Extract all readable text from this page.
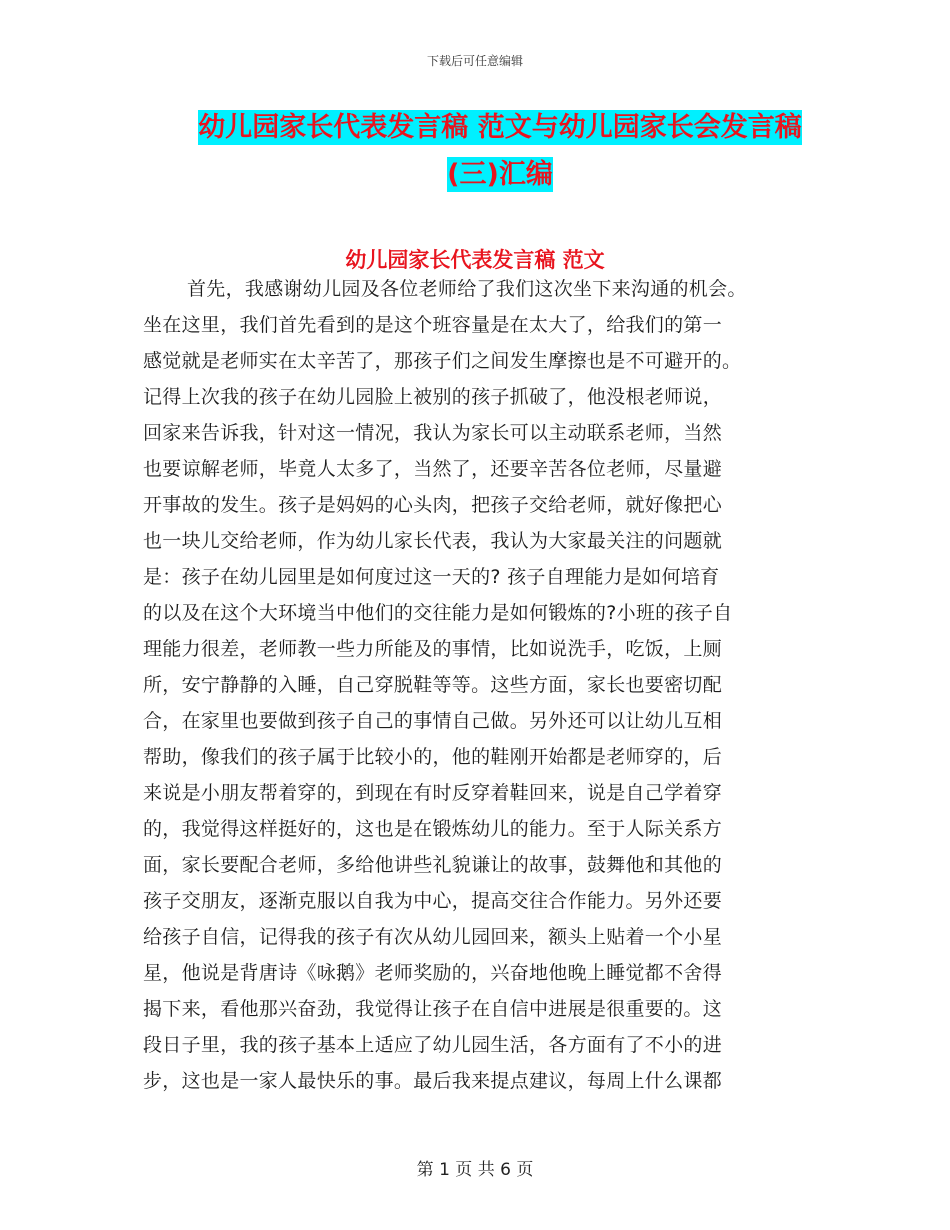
下载后可任意编辑
幼儿园家长代表发言稿 范文与幼儿园家长会发言稿
(三)汇编
幼儿园家长代表发言稿 范文
首先，我感谢幼儿园及各位老师给了我们这次坐下来沟通的机会。
坐在这里，我们首先看到的是这个班容量是在太大了，给我们的第一
感觉就是老师实在太辛苦了，那孩子们之间发生摩擦也是不可避开的。
记得上次我的孩子在幼儿园脸上被别的孩子抓破了，他没根老师说，
回家来告诉我，针对这一情况，我认为家长可以主动联系老师，当然
也要谅解老师，毕竟人太多了，当然了，还要辛苦各位老师，尽量避
开事故的发生。孩子是妈妈的心头肉，把孩子交给老师，就好像把心
也一块儿交给老师，作为幼儿家长代表，我认为大家最关注的问题就
是：孩子在幼儿园里是如何度过这一天的? 孩子自理能力是如何培育
的以及在这个大环境当中他们的交往能力是如何锻炼的?小班的孩子自
理能力很差，老师教一些力所能及的事情，比如说洗手，吃饭，上厕
所，安宁静静的入睡，自己穿脱鞋等等。这些方面，家长也要密切配
合，在家里也要做到孩子自己的事情自己做。另外还可以让幼儿互相
帮助，像我们的孩子属于比较小的，他的鞋刚开始都是老师穿的，后
来说是小朋友帮着穿的，到现在有时反穿着鞋回来，说是自己学着穿
的，我觉得这样挺好的，这也是在锻炼幼儿的能力。至于人际关系方
面，家长要配合老师，多给他讲些礼貌谦让的故事，鼓舞他和其他的
孩子交朋友，逐渐克服以自我为中心，提高交往合作能力。另外还要
给孩子自信，记得我的孩子有次从幼儿园回来，额头上贴着一个小星
星，他说是背唐诗《咏鹅》老师奖励的，兴奋地他晚上睡觉都不舍得
揭下来，看他那兴奋劲，我觉得让孩子在自信中进展是很重要的。这
段日子里，我的孩子基本上适应了幼儿园生活，各方面有了不小的进
步，这也是一家人最快乐的事。最后我来提点建议，每周上什么课都
第 1 页 共 6 页
